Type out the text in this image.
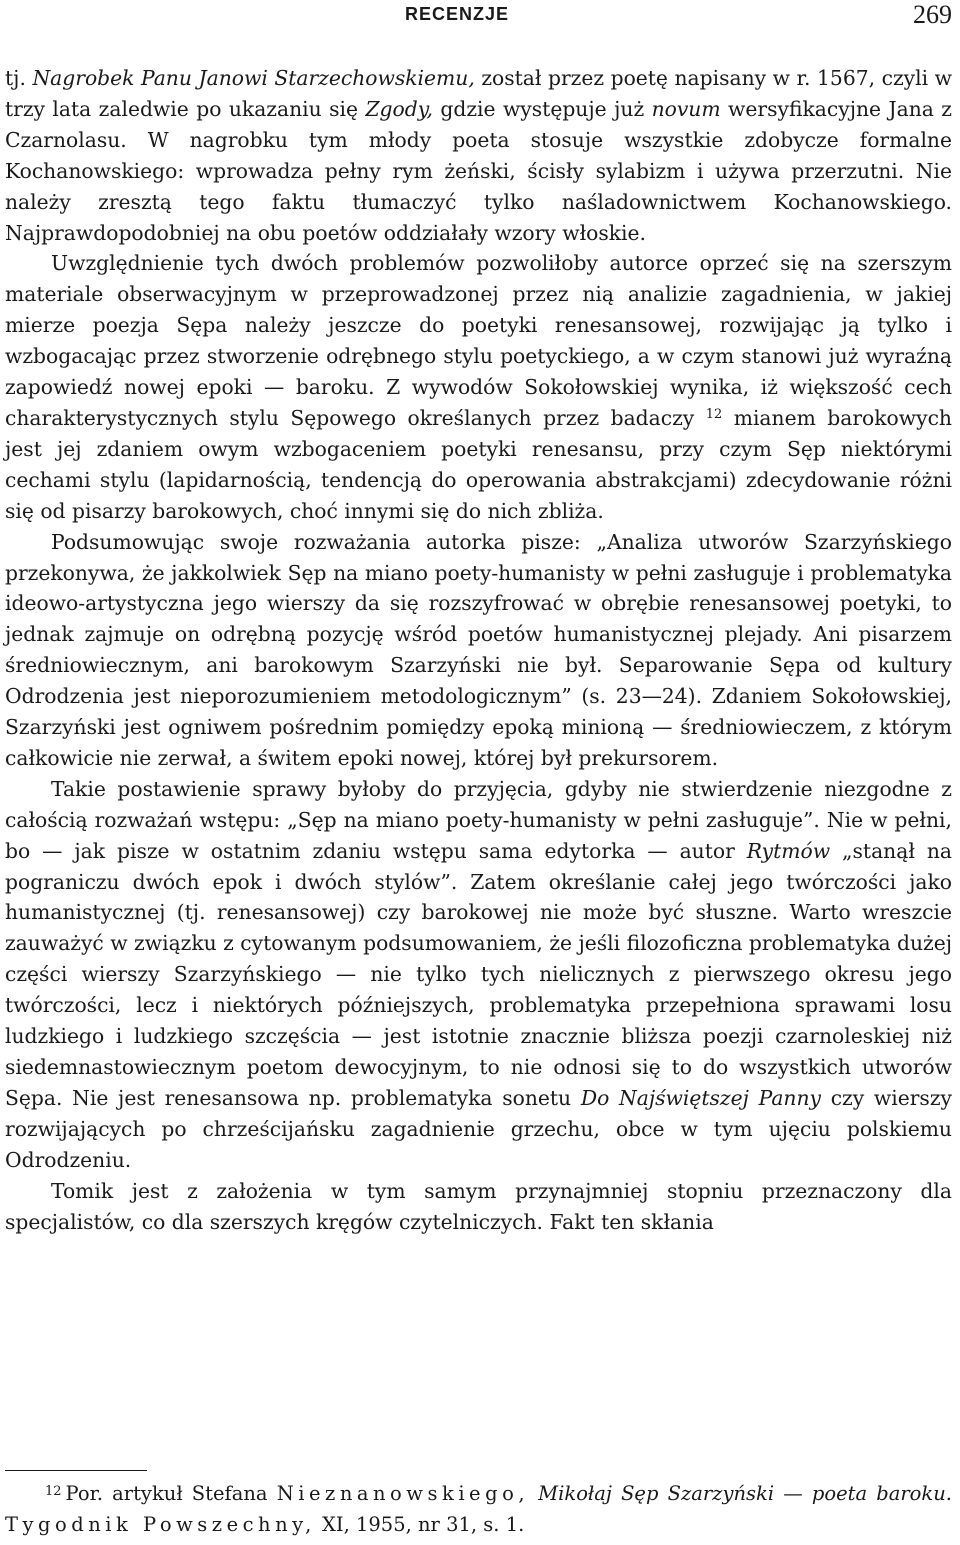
RECENZJE	269

tj. Nagrobek Panu Janowi Starzechowskiemu, został przez poetę napisany w r. 1567, czyli w trzy lata zaledwie po ukazaniu się Zgody, gdzie występuje już novum wersyfikacyjne Jana z Czarnolasu. W nagrobku tym młody poeta stosuje wszystkie zdobycze formalne Kochanowskiego: wprowadza pełny rym żeński, ścisły sylabizm i używa przerzutni. Nie należy zresztą tego faktu tłumaczyć tylko naśladownictwem Kochanowskiego. Najprawdopodobniej na obu poetów oddziałały wzory włoskie.

Uwzględnienie tych dwóch problemów pozwoliłoby autorce oprzeć się na szerszym materiale obserwacyjnym w przeprowadzonej przez nią analizie zagadnienia, w jakiej mierze poezja Sępa należy jeszcze do poetyki renesansowej, rozwijając ją tylko i wzbogacając przez stworzenie odrębnego stylu poetyckiego, a w czym stanowi już wyraźną zapowiedź nowej epoki — baroku. Z wywodów Sokołowskiej wynika, iż większość cech charakterystycznych stylu Sępowego określanych przez badaczy $^{12}$ mianem barokowych jest jej zdaniem owym wzbogaceniem poetyki renesansu, przy czym Sęp niektórymi cechami stylu (lapidarnością, tendencją do operowania abstrakcjami) zdecydowanie różni się od pisarzy barokowych, choć innymi się do nich zbliża.

Podsumowując swoje rozważania autorka pisze: „Analiza utworów Szarzyńskiego przekonywa, że jakkolwiek Sęp na miano poety-humanisty w pełni zasługuje i problematyka ideowo-artystyczna jego wierszy da się rozszyfrować w obrębie renesansowej poetyki, to jednak zajmuje on odrębną pozycję wśród poetów humanistycznej plejady. Ani pisarzem średniowiecznym, ani barokowym Szarzyński nie był. Separowanie Sępa od kultury Odrodzenia jest nieporozumieniem metodologicznym” (s. 23—24). Zdaniem Sokołowskiej, Szarzyński jest ogniwem pośrednim pomiędzy epoką minioną — średniowieczem, z którym całkowicie nie zerwał, a świtem epoki nowej, której był prekursorem.

Takie postawienie sprawy byłoby do przyjęcia, gdyby nie stwierdzenie niezgodne z całością rozważań wstępu: „Sęp na miano poety-humanisty w pełni zasługuje”. Nie w pełni, bo — jak pisze w ostatnim zdaniu wstępu sama edytorka — autor Rytmów „stanął na pograniczu dwóch epok i dwóch stylów”. Zatem określanie całej jego twórczości jako humanistycznej (tj. renesansowej) czy barokowej nie może być słuszne. Warto wreszcie zauważyć w związku z cytowanym podsumowaniem, że jeśli filozoficzna problematyka dużej części wierszy Szarzyńskiego — nie tylko tych nielicznych z pierwszego okresu jego twórczości, lecz i niektórych późniejszych, problematyka przepełniona sprawami losu ludzkiego i ludzkiego szczęścia — jest istotnie znacznie bliższa poezji czarnoleskiej niż siedemnastowiecznym poetom dewocyjnym, to nie odnosi się to do wszystkich utworów Sępa. Nie jest renesansowa np. problematyka sonetu Do Najświętszej Panny czy wierszy rozwijających po chrześcijańsku zagadnienie grzechu, obce w tym ujęciu polskiemu Odrodzeniu.

Tomik jest z założenia w tym samym przynajmniej stopniu przeznaczony dla specjalistów, co dla szerszych kręgów czytelniczych. Fakt ten skłania

$^{12}$ Por. artykuł Stefana Nieznanowskiego, Mikołaj Sęp Szarzyński — poeta baroku. Tygodnik Powszechny, XI, 1955, nr 31, s. 1.
